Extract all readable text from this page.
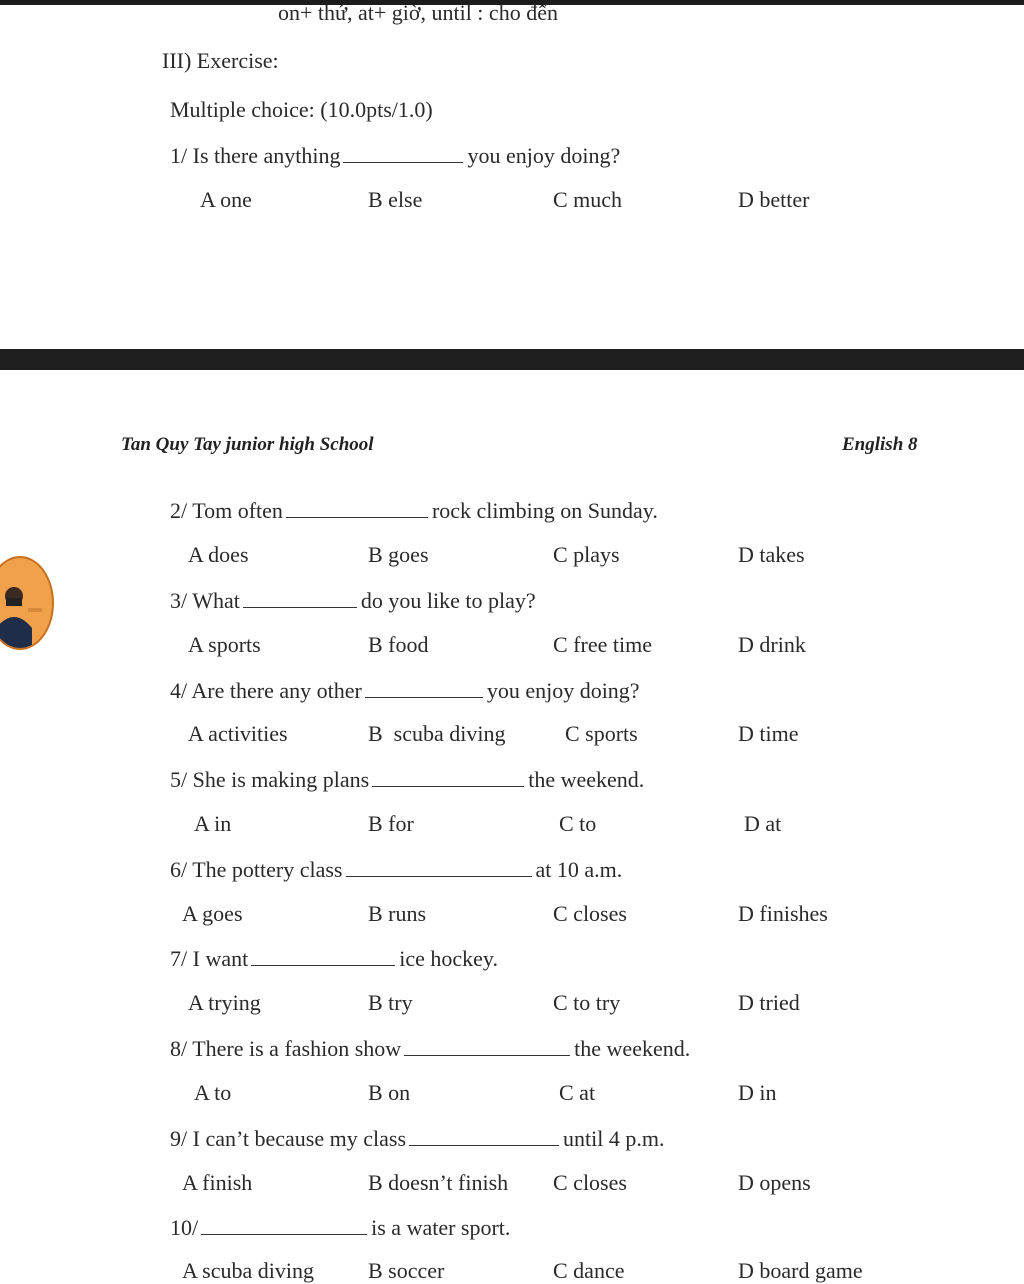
on+ thứ, at+ giờ, until : cho đến
III) Exercise:
Multiple choice: (10.0pts/1.0)
1/ Is there anything	you enjoy doing?
A one	B else	C much	D better
Tan Quy Tay junior high School	English 8
2/ Tom often	rock climbing on Sunday.
A does	B goes	C plays	D takes
3/ What	do you like to play?
A sports	B food	C free time	D drink
4/ Are there any other	you enjoy doing?
A activities	B  scuba diving	C sports	D time
5/ She is making plans	the weekend.
A in	B for	C to	D at
6/ The pottery class	at 10 a.m.
A goes	B runs	C closes	D finishes
7/ I want	ice hockey.
A trying	B try	C to try	D tried
8/ There is a fashion show	the weekend.
A to	B on	C at	D in
9/ I can’t because my class	until 4 p.m.
A finish	B doesn’t finish C closes	D opens
10/	is a water sport.
A scuba diving B soccer	C dance	D board game
